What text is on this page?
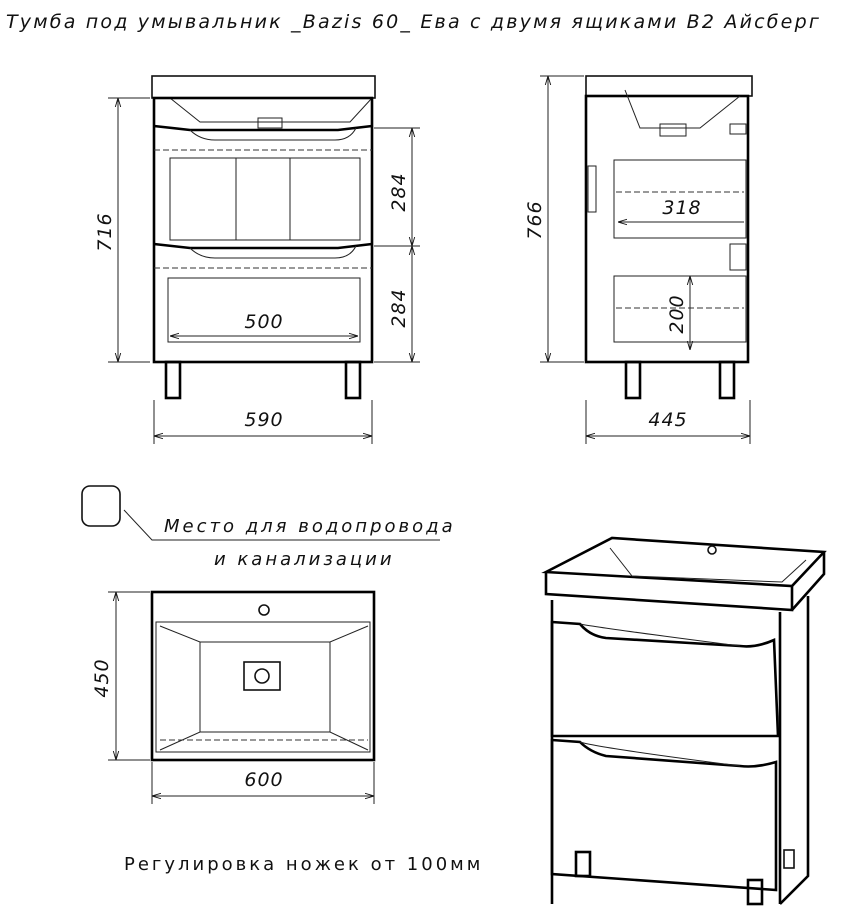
Тумба под умывальник _Bazis 60_ Ева с двумя ящиками В2 Айсберг
716
284
284
500
590
766	318
200
445
Место для водопровода
и канализации
450
600
Регулировка ножек от 100мм
